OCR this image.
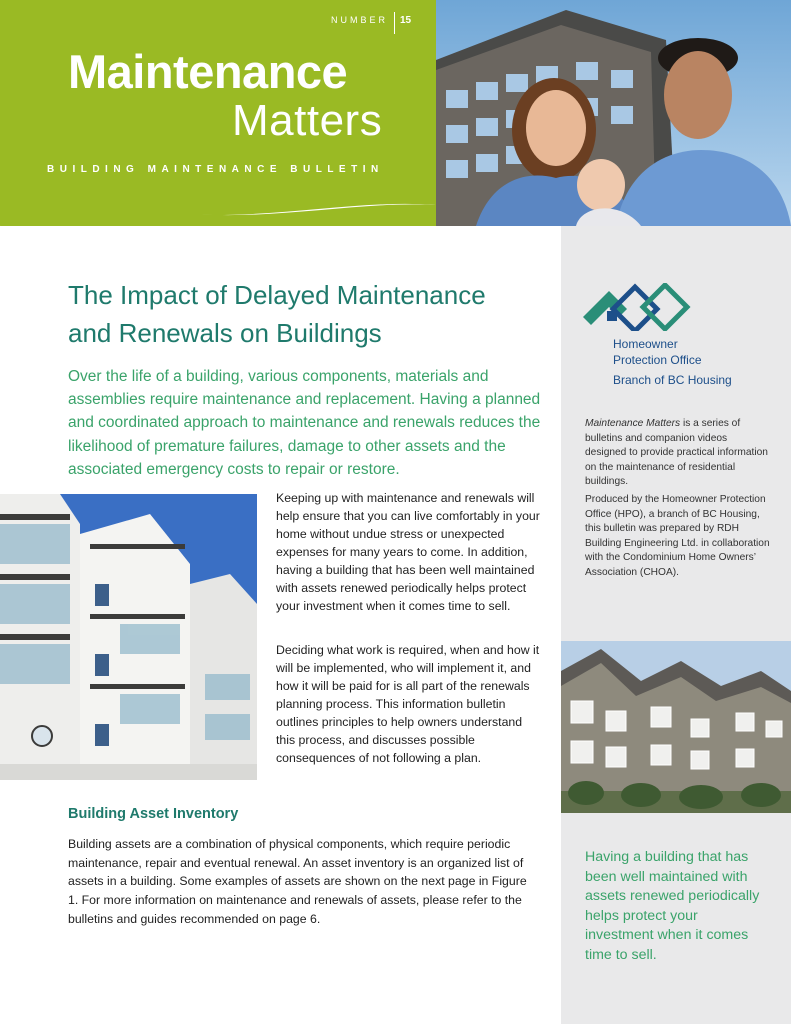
NUMBER 15
Maintenance
Matters
BUILDING MAINTENANCE BULLETIN
Homeowner
Protection Office
Branch of BC Housing
Maintenance Matters is a series of bulletins and companion videos designed to provide practical information on the maintenance of residential buildings.
Produced by the Homeowner Protection Office (HPO), a branch of BC Housing, this bulletin was prepared by RDH Building Engineering Ltd. in collaboration with the Condominium Home Owners’ Association (CHOA).
Having a building that has been well maintained with assets renewed periodically helps protect your investment when it comes time to sell.
The Impact of Delayed Maintenance
and Renewals on Buildings
Over the life of a building, various components, materials and assemblies require maintenance and replacement. Having a planned and coordinated approach to maintenance and renewals reduces the likelihood of premature failures, damage to other assets and the associated emergency costs to repair or restore.
Keeping up with maintenance and renewals will help ensure that you can live comfortably in your home without undue stress or unexpected expenses for many years to come. In addition, having a building that has been well maintained with assets renewed periodically helps protect your investment when it comes time to sell.
Deciding what work is required, when and how it will be implemented, who will implement it, and how it will be paid for is all part of the renewals planning process. This information bulletin outlines principles to help owners understand this process, and discusses possible consequences of not following a plan.
Building Asset Inventory
Building assets are a combination of physical components, which require periodic maintenance, repair and eventual renewal. An asset inventory is an organized list of assets in a building. Some examples of assets are shown on the next page in Figure 1. For more information on maintenance and renewals of assets, please refer to the bulletins and guides recommended on page 6.
